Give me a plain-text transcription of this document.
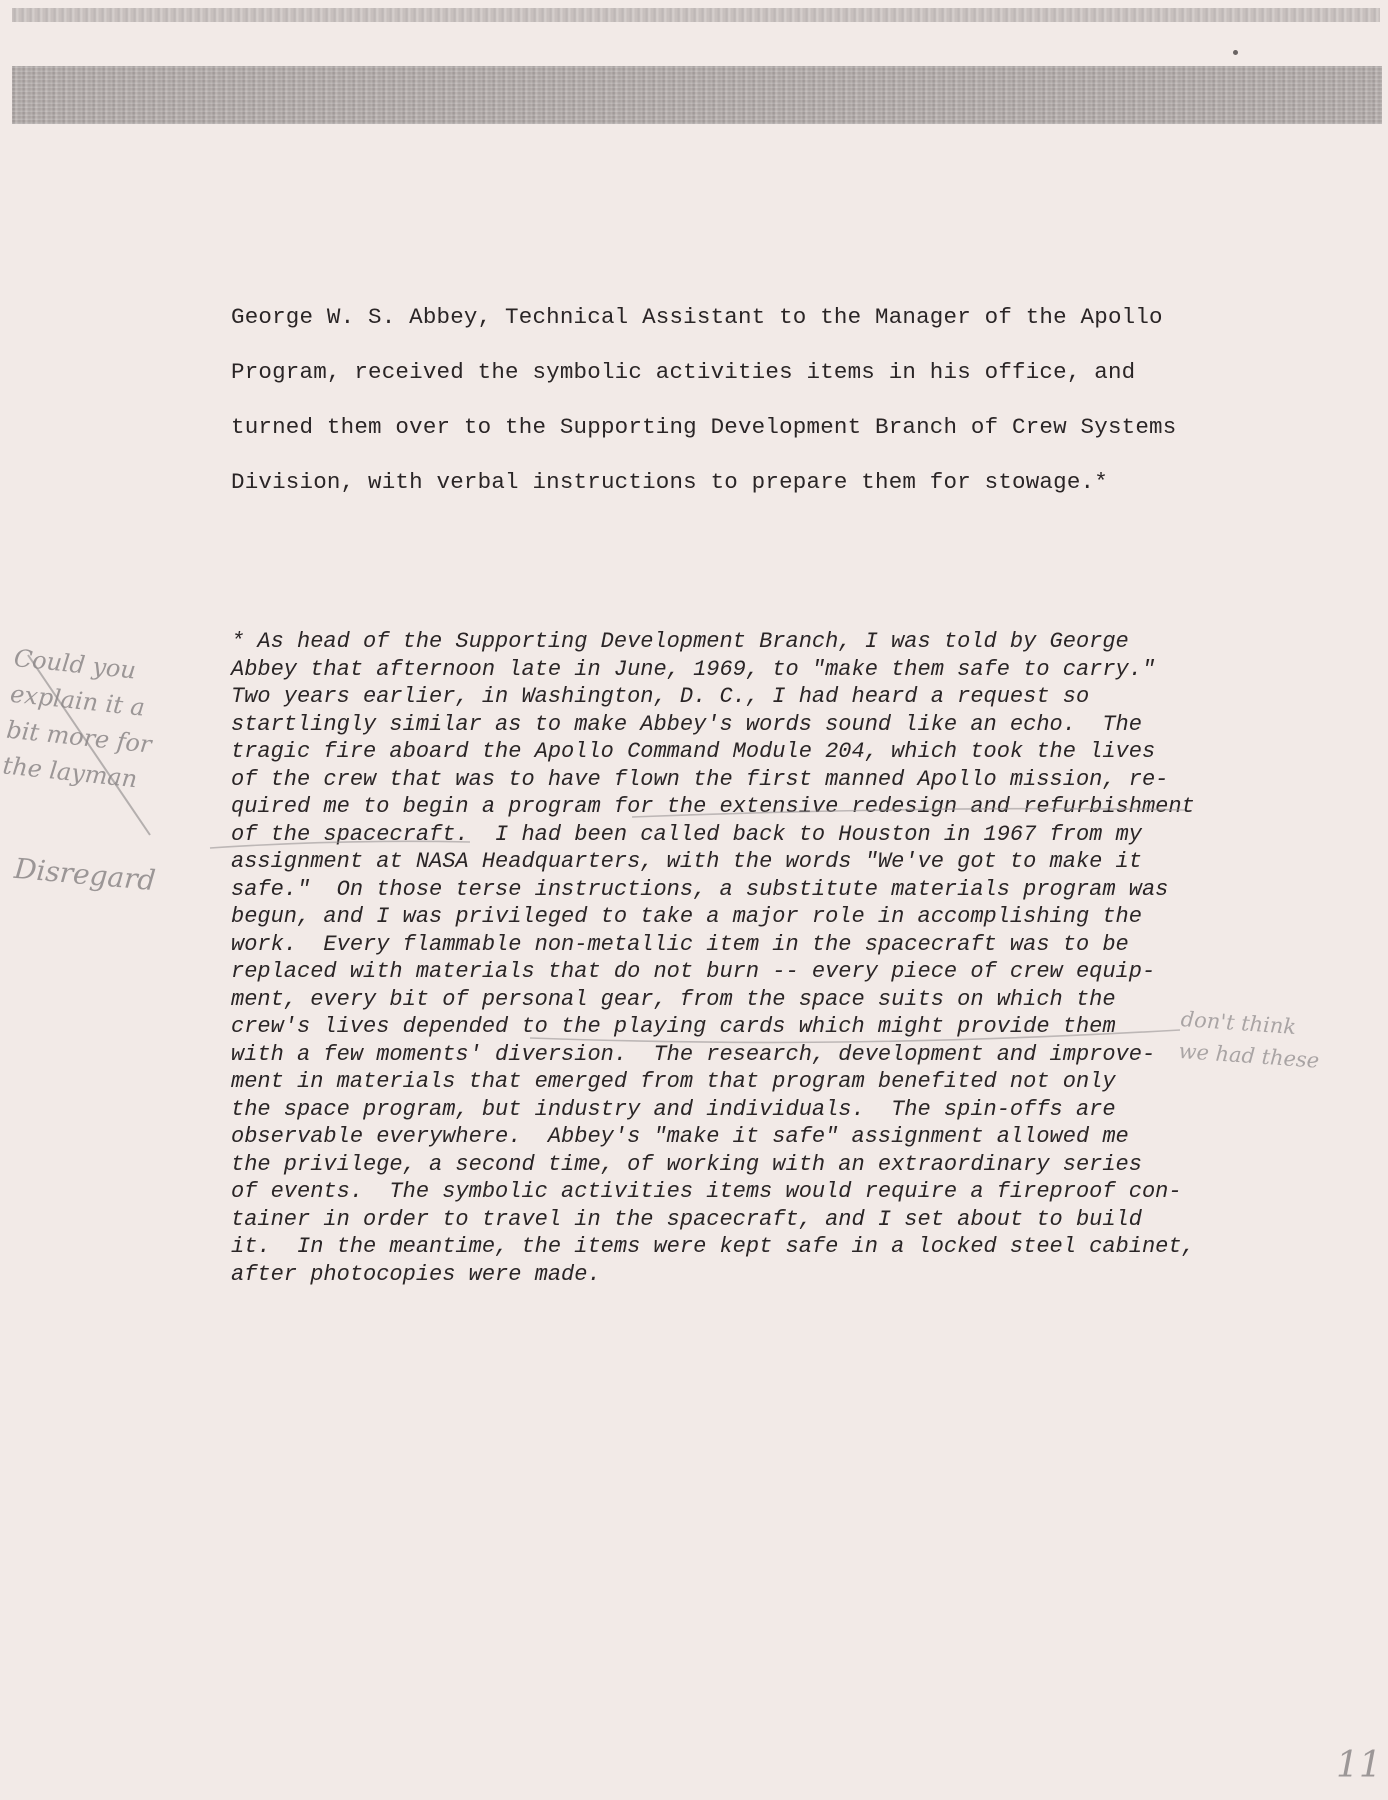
George W. S. Abbey, Technical Assistant to the Manager of the Apollo
Program, received the symbolic activities items in his office, and
turned them over to the Supporting Development Branch of Crew Systems
Division, with verbal instructions to prepare them for stowage.*
* As head of the Supporting Development Branch, I was told by George
Abbey that afternoon late in June, 1969, to "make them safe to carry."
Two years earlier, in Washington, D. C., I had heard a request so
startlingly similar as to make Abbey's words sound like an echo.  The
tragic fire aboard the Apollo Command Module 204, which took the lives
of the crew that was to have flown the first manned Apollo mission, re-
quired me to begin a program for the extensive redesign and refurbishment
of the spacecraft.  I had been called back to Houston in 1967 from my
assignment at NASA Headquarters, with the words "We've got to make it
safe."  On those terse instructions, a substitute materials program was
begun, and I was privileged to take a major role in accomplishing the
work.  Every flammable non-metallic item in the spacecraft was to be
replaced with materials that do not burn -- every piece of crew equip-
ment, every bit of personal gear, from the space suits on which the
crew's lives depended to the playing cards which might provide them
with a few moments' diversion.  The research, development and improve-
ment in materials that emerged from that program benefited not only
the space program, but industry and individuals.  The spin-offs are
observable everywhere.  Abbey's "make it safe" assignment allowed me
the privilege, a second time, of working with an extraordinary series
of events.  The symbolic activities items would require a fireproof con-
tainer in order to travel in the spacecraft, and I set about to build
it.  In the meantime, the items were kept safe in a locked steel cabinet,
after photocopies were made.
Could you
explain it a
bit more for
the layman
Disregard
don't think
we had these
11
